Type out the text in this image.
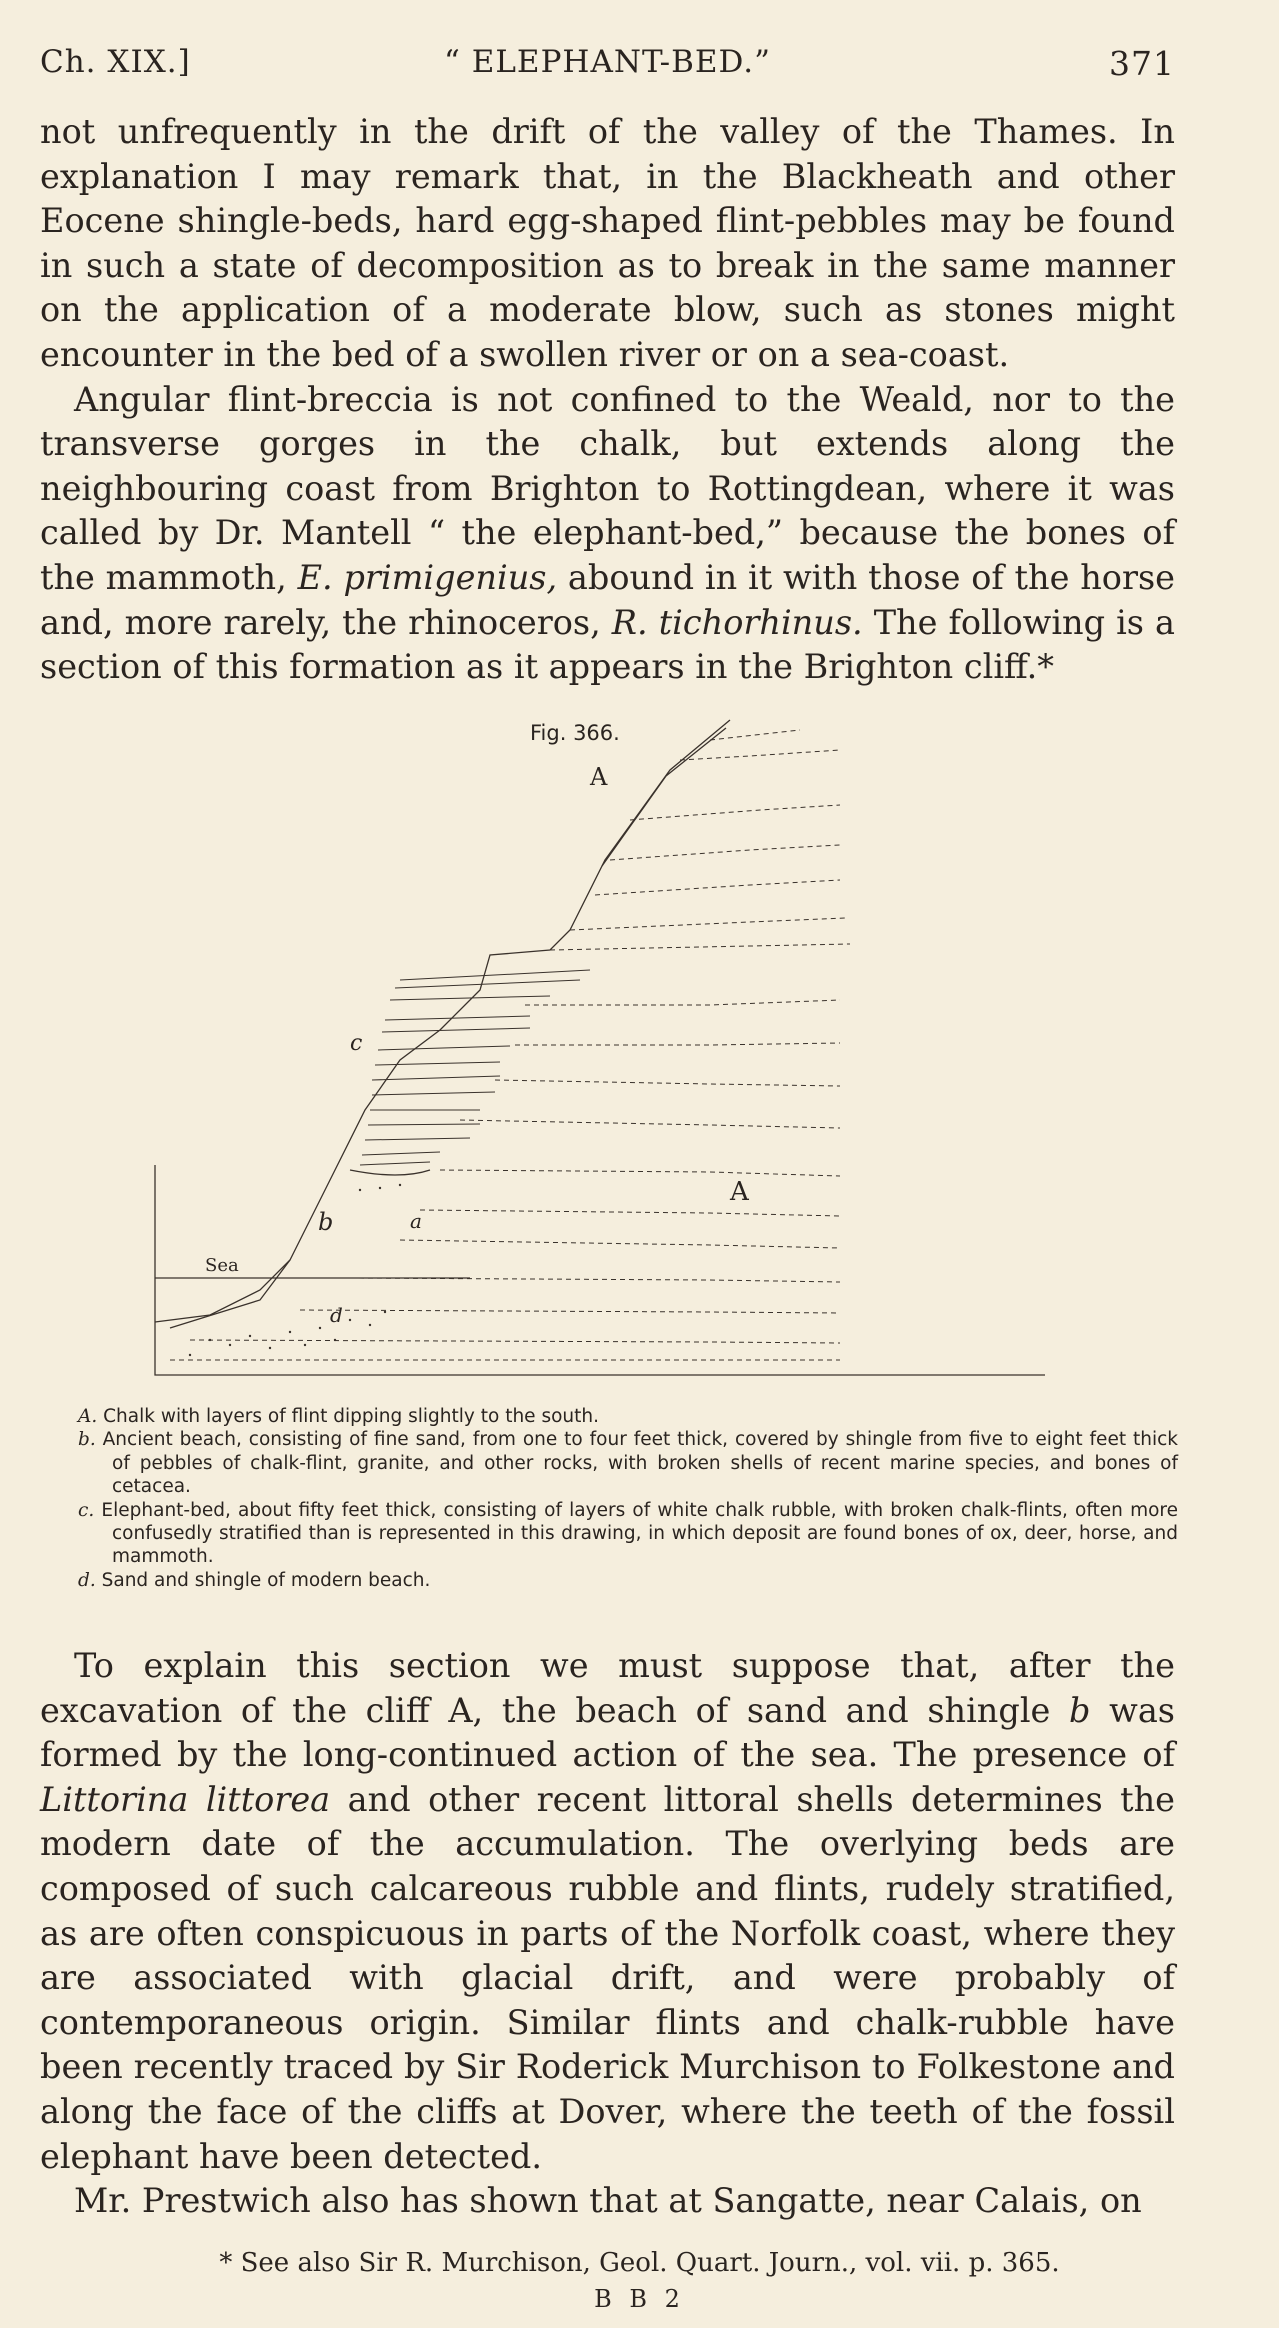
Ch. XIX.]	“ ELEPHANT-BED.”	371

not unfrequently in the drift of the valley of the Thames. In explanation I may remark that, in the Blackheath and other Eocene shingle-beds, hard egg-shaped flint-pebbles may be found in such a state of decomposition as to break in the same manner on the application of a moderate blow, such as stones might encounter in the bed of a swollen river or on a sea-coast.

Angular flint-breccia is not confined to the Weald, nor to the transverse gorges in the chalk, but extends along the neighbouring coast from Brighton to Rottingdean, where it was called by Dr. Mantell “ the elephant-bed,” because the bones of the mammoth, E. primigenius, abound in it with those of the horse and, more rarely, the rhinoceros, R. tichorhinus. The following is a section of this formation as it appears in the Brighton cliff.*

Fig. 366.
A
c
b	a
A
Sea
d

A. Chalk with layers of flint dipping slightly to the south.

b. Ancient beach, consisting of fine sand, from one to four feet thick, covered by shingle from five to eight feet thick of pebbles of chalk-flint, granite, and other rocks, with broken shells of recent marine species, and bones of cetacea.

c. Elephant-bed, about fifty feet thick, consisting of layers of white chalk rubble, with broken chalk-flints, often more confusedly stratified than is represented in this drawing, in which deposit are found bones of ox, deer, horse, and mammoth.

d. Sand and shingle of modern beach.

To explain this section we must suppose that, after the excavation of the cliff A, the beach of sand and shingle b was formed by the long-continued action of the sea. The presence of Littorina littorea and other recent littoral shells determines the modern date of the accumulation. The overlying beds are composed of such calcareous rubble and flints, rudely stratified, as are often conspicuous in parts of the Norfolk coast, where they are associated with glacial drift, and were probably of contemporaneous origin. Similar flints and chalk-rubble have been recently traced by Sir Roderick Murchison to Folkestone and along the face of the cliffs at Dover, where the teeth of the fossil elephant have been detected.

Mr. Prestwich also has shown that at Sangatte, near Calais, on

* See also Sir R. Murchison, Geol. Quart. Journ., vol. vii. p. 365.
B B 2
